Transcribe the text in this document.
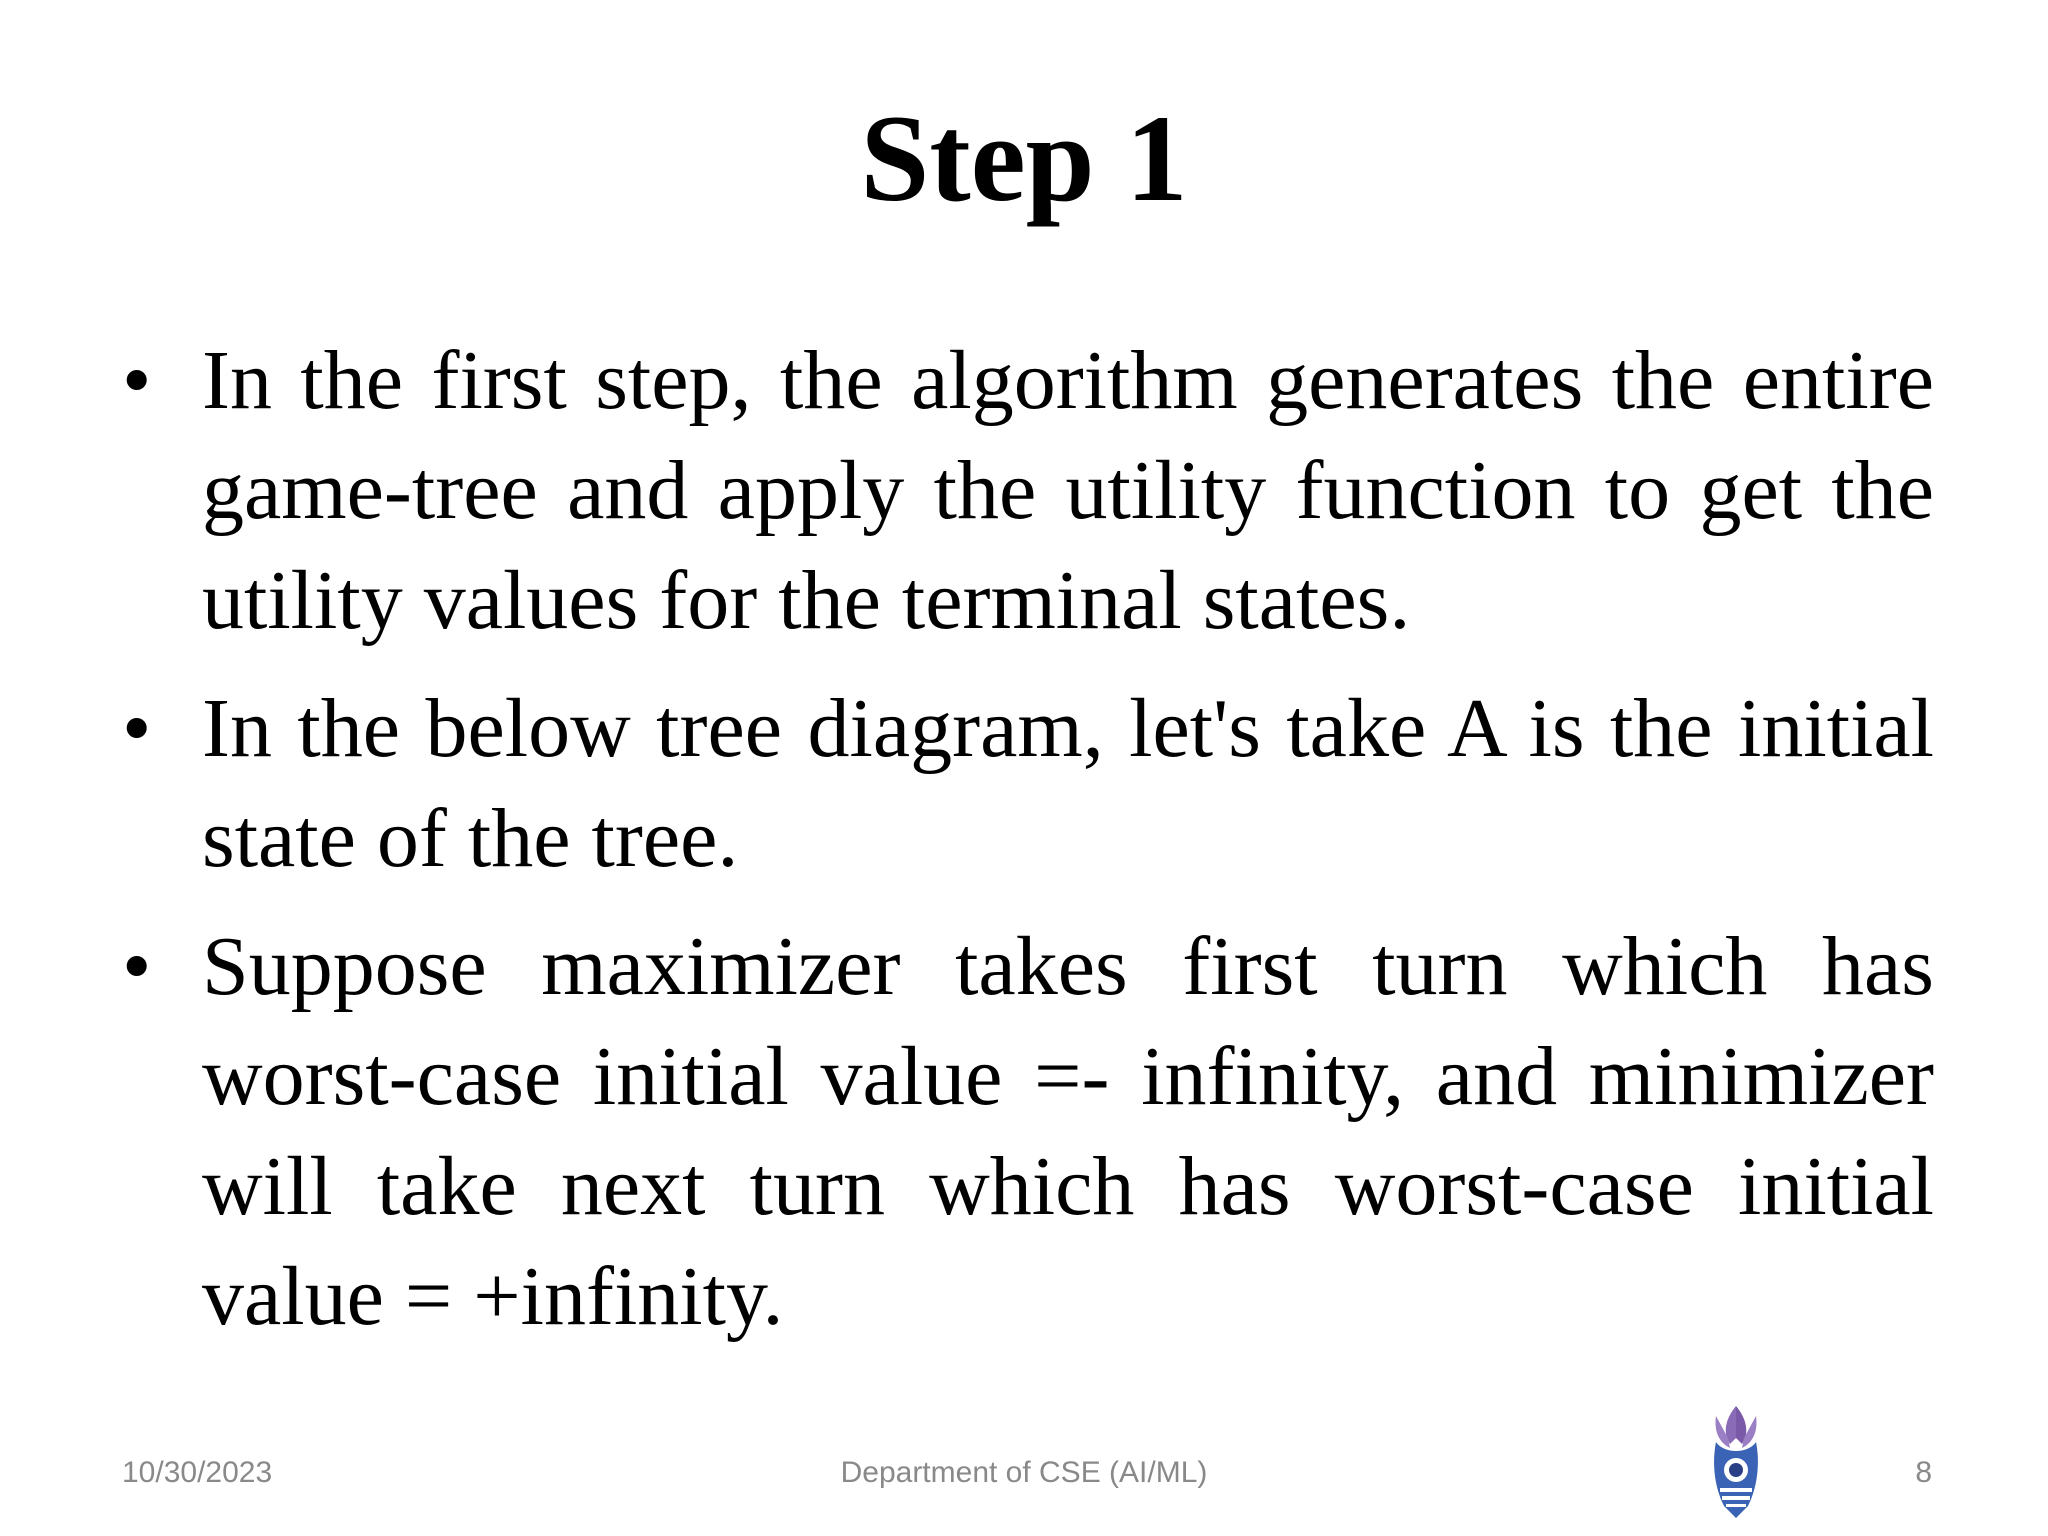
Step 1
• In the first step, the algorithm generates the entire game-tree and apply the utility function to get the utility values for the terminal states.
• In the below tree diagram, let's take A is the initial state of the tree.
• Suppose maximizer takes first turn which has worst-case initial value =- infinity, and minimizer will take next turn which has worst-case initial value = +infinity.
10/30/2023	Department of CSE (AI/ML)	8
